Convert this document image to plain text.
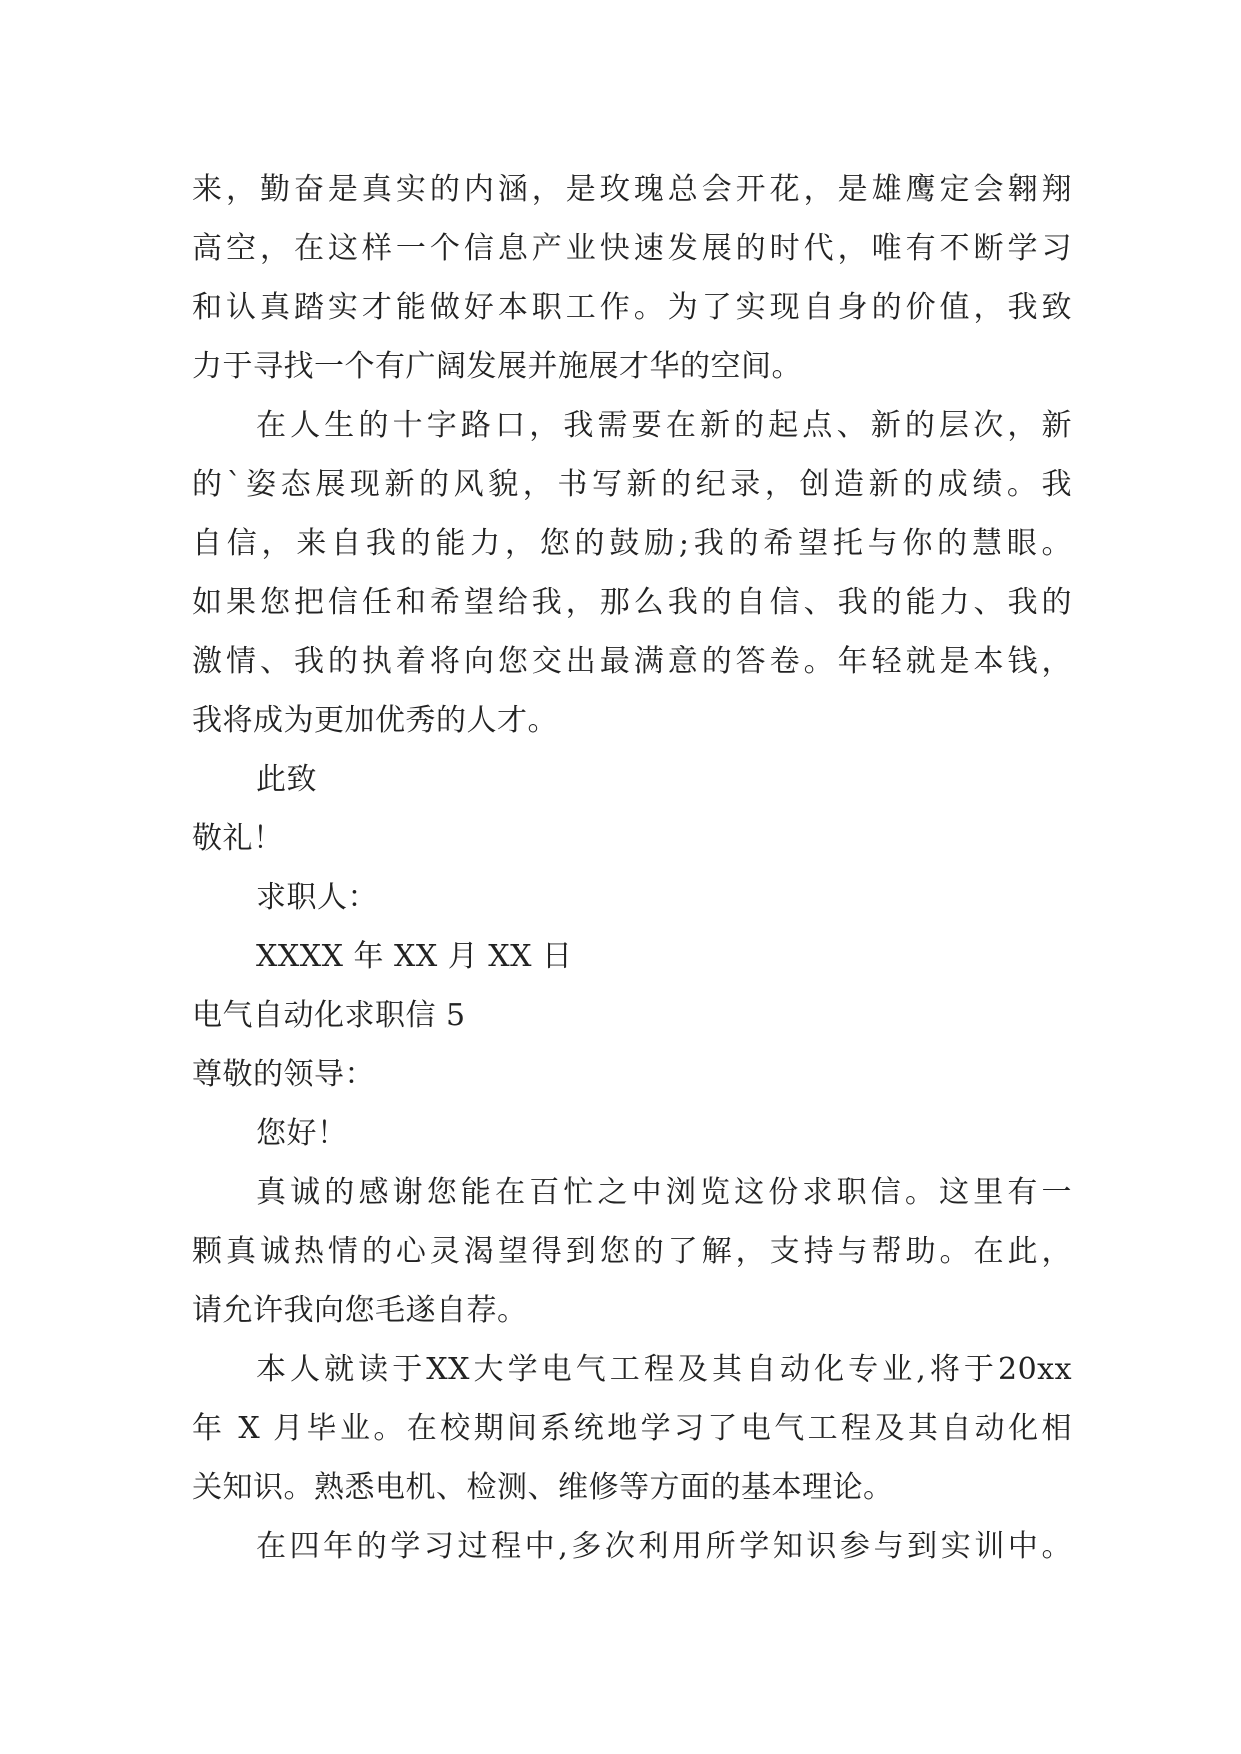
来，勤奋是真实的内涵，是玫瑰总会开花，是雄鹰定会翱翔
高空，在这样一个信息产业快速发展的时代，唯有不断学习
和认真踏实才能做好本职工作。为了实现自身的价值，我致
力于寻找一个有广阔发展并施展才华的空间。
在人生的十字路口，我需要在新的起点、新的层次，新
的`姿态展现新的风貌，书写新的纪录，创造新的成绩。我
自信，来自我的能力，您的鼓励;我的希望托与你的慧眼。
如果您把信任和希望给我，那么我的自信、我的能力、我的
激情、我的执着将向您交出最满意的答卷。年轻就是本钱，
我将成为更加优秀的人才。
此致
敬礼！
求职人：
XXXX 年 XX 月 XX 日
电气自动化求职信 5
尊敬的领导：
您好！
真诚的感谢您能在百忙之中浏览这份求职信。这里有一
颗真诚热情的心灵渴望得到您的了解，支持与帮助。在此，
请允许我向您毛遂自荐。
本人就读于XX大学电气工程及其自动化专业,将于20xx
年 X 月毕业。在校期间系统地学习了电气工程及其自动化相
关知识。熟悉电机、检测、维修等方面的基本理论。
在四年的学习过程中,多次利用所学知识参与到实训中。
